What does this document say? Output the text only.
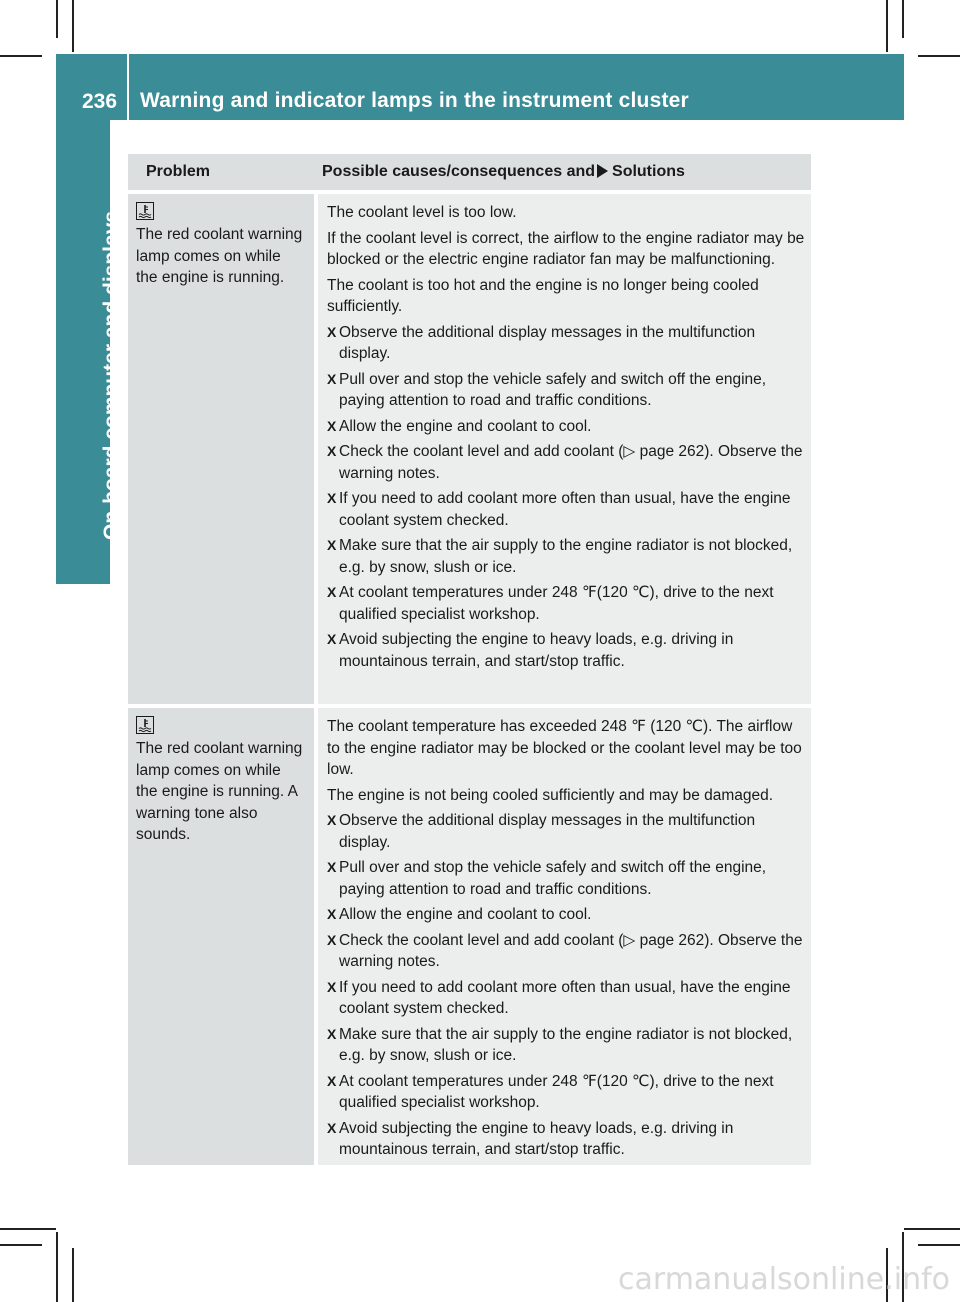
236 Warning and indicator lamps in the instrument cluster
On-board computer and displays
Problem	Possible causes/consequences and Solutions
The red coolant warning lamp comes on while the engine is running.

The coolant level is too low.

If the coolant level is correct, the airflow to the engine radiator may be blocked or the electric engine radiator fan may be malfunctioning.

The coolant is too hot and the engine is no longer being cooled sufficiently.

X Observe the additional display messages in the multifunction display.
X Pull over and stop the vehicle safely and switch off the engine, paying attention to road and traffic conditions.
X Allow the engine and coolant to cool.
X Check the coolant level and add coolant (▷ page 262). Observe the warning notes.
X If you need to add coolant more often than usual, have the engine coolant system checked.
X Make sure that the air supply to the engine radiator is not blocked, e.g. by snow, slush or ice.
X At coolant temperatures under 248 ℉(120 ℃), drive to the next qualified specialist workshop.
X Avoid subjecting the engine to heavy loads, e.g. driving in mountainous terrain, and start/stop traffic.
The red coolant warning lamp comes on while the engine is running. A warning tone also sounds.

The coolant temperature has exceeded 248 ℉ (120 ℃). The airflow to the engine radiator may be blocked or the coolant level may be too low.

The engine is not being cooled sufficiently and may be damaged.

X Observe the additional display messages in the multifunction display.
X Pull over and stop the vehicle safely and switch off the engine, paying attention to road and traffic conditions.
X Allow the engine and coolant to cool.
X Check the coolant level and add coolant (▷ page 262). Observe the warning notes.
X If you need to add coolant more often than usual, have the engine coolant system checked.
X Make sure that the air supply to the engine radiator is not blocked, e.g. by snow, slush or ice.
X At coolant temperatures under 248 ℉(120 ℃), drive to the next qualified specialist workshop.
X Avoid subjecting the engine to heavy loads, e.g. driving in mountainous terrain, and start/stop traffic.
carmanualsonline.info
